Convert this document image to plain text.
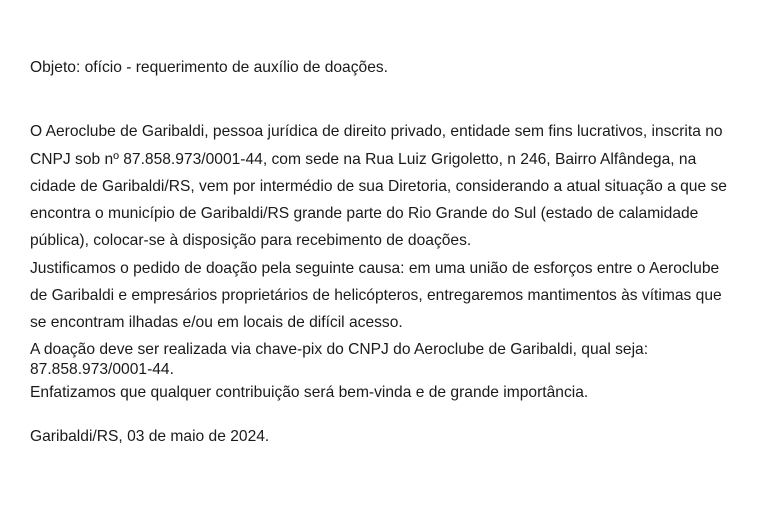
Objeto: ofício - requerimento de auxílio de doações.
O Aeroclube de Garibaldi, pessoa jurídica de direito privado, entidade sem fins lucrativos, inscrita no
CNPJ sob nº 87.858.973/0001-44, com sede na Rua Luiz Grigoletto, n 246, Bairro Alfândega, na
cidade de Garibaldi/RS, vem por intermédio de sua Diretoria, considerando a atual situação a que se
encontra o município de Garibaldi/RS grande parte do Rio Grande do Sul (estado de calamidade
pública), colocar-se à disposição para recebimento de doações.
Justificamos o pedido de doação pela seguinte causa: em uma união de esforços entre o Aeroclube
de Garibaldi e empresários proprietários de helicópteros, entregaremos mantimentos às vítimas que
se encontram ilhadas e/ou em locais de difícil acesso.
A doação deve ser realizada via chave-pix do CNPJ do Aeroclube de Garibaldi, qual seja:
87.858.973/0001-44.
Enfatizamos que qualquer contribuição será bem-vinda e de grande importância.
Garibaldi/RS, 03 de maio de 2024.
